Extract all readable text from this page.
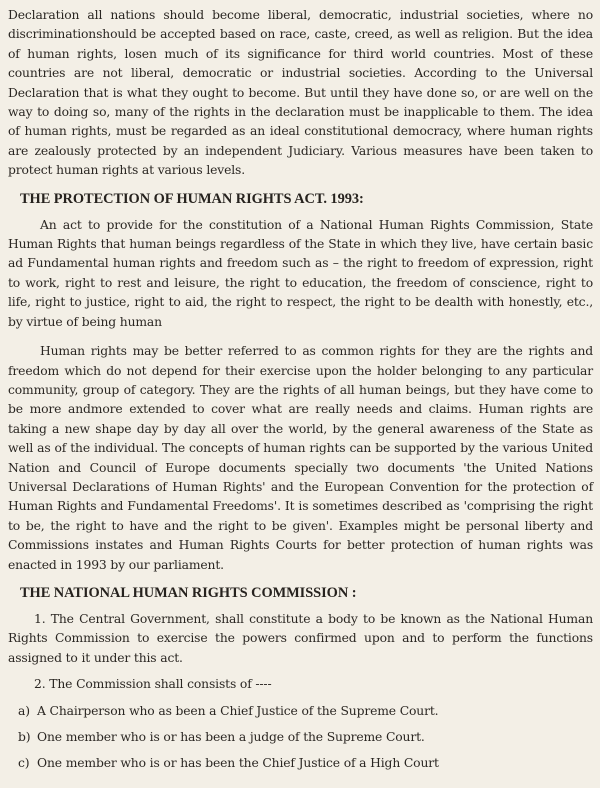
Declaration all nations should become liberal, democratic, industrial societies, where no discriminationshould be accepted based on race, caste, creed, as well as religion. But the idea of human rights, losen much of its significance for third world countries. Most of these countries are not liberal, democratic or industrial societies. According to the Universal Declaration that is what they ought to become. But until they have done so, or are well on the way to doing so, many of the rights in the declaration must be inapplicable to them. The idea of human rights, must be regarded as an ideal constitutional democracy, where human rights are zealously protected by an independent Judiciary. Various measures have been taken to protect human rights at various levels.

THE PROTECTION OF HUMAN RIGHTS ACT. 1993:

An act to provide for the constitution of a National Human Rights Commission, State Human Rights that human beings regardless of the State in which they live, have certain basic ad Fundamental human rights and freedom such as – the right to freedom of expression, right to work, right to rest and leisure, the right to education, the freedom of conscience, right to life, right to justice, right to aid, the right to respect, the right to be dealth with honestly, etc., by virtue of being human

Human rights may be better referred to as common rights for they are the rights and freedom which do not depend for their exercise upon the holder belonging to any particular community, group of category. They are the rights of all human beings, but they have come to be more andmore extended to cover what are really needs and claims. Human rights are taking a new shape day by day all over the world, by the general awareness of the State as well as of the individual. The concepts of human rights can be supported by the various United Nation and Council of Europe documents specially two documents 'the United Nations Universal Declarations of Human Rights' and the European Convention for the protection of Human Rights and Fundamental Freedoms'. It is sometimes described as 'comprising the right to be, the right to have and the right to be given'. Examples might be personal liberty and Commissions instates and Human Rights Courts for better protection of human rights was enacted in 1993 by our parliament.

THE NATIONAL HUMAN RIGHTS COMMISSION :

1. The Central Government, shall constitute a body to be known as the National Human Rights Commission to exercise the powers confirmed upon and to perform the functions assigned to it under this act.

2. The Commission shall consists of ----

a) A Chairperson who as been a Chief Justice of the Supreme Court.

b) One member who is or has been a judge of the Supreme Court.

c) One member who is or has been the Chief Justice of a High Court
